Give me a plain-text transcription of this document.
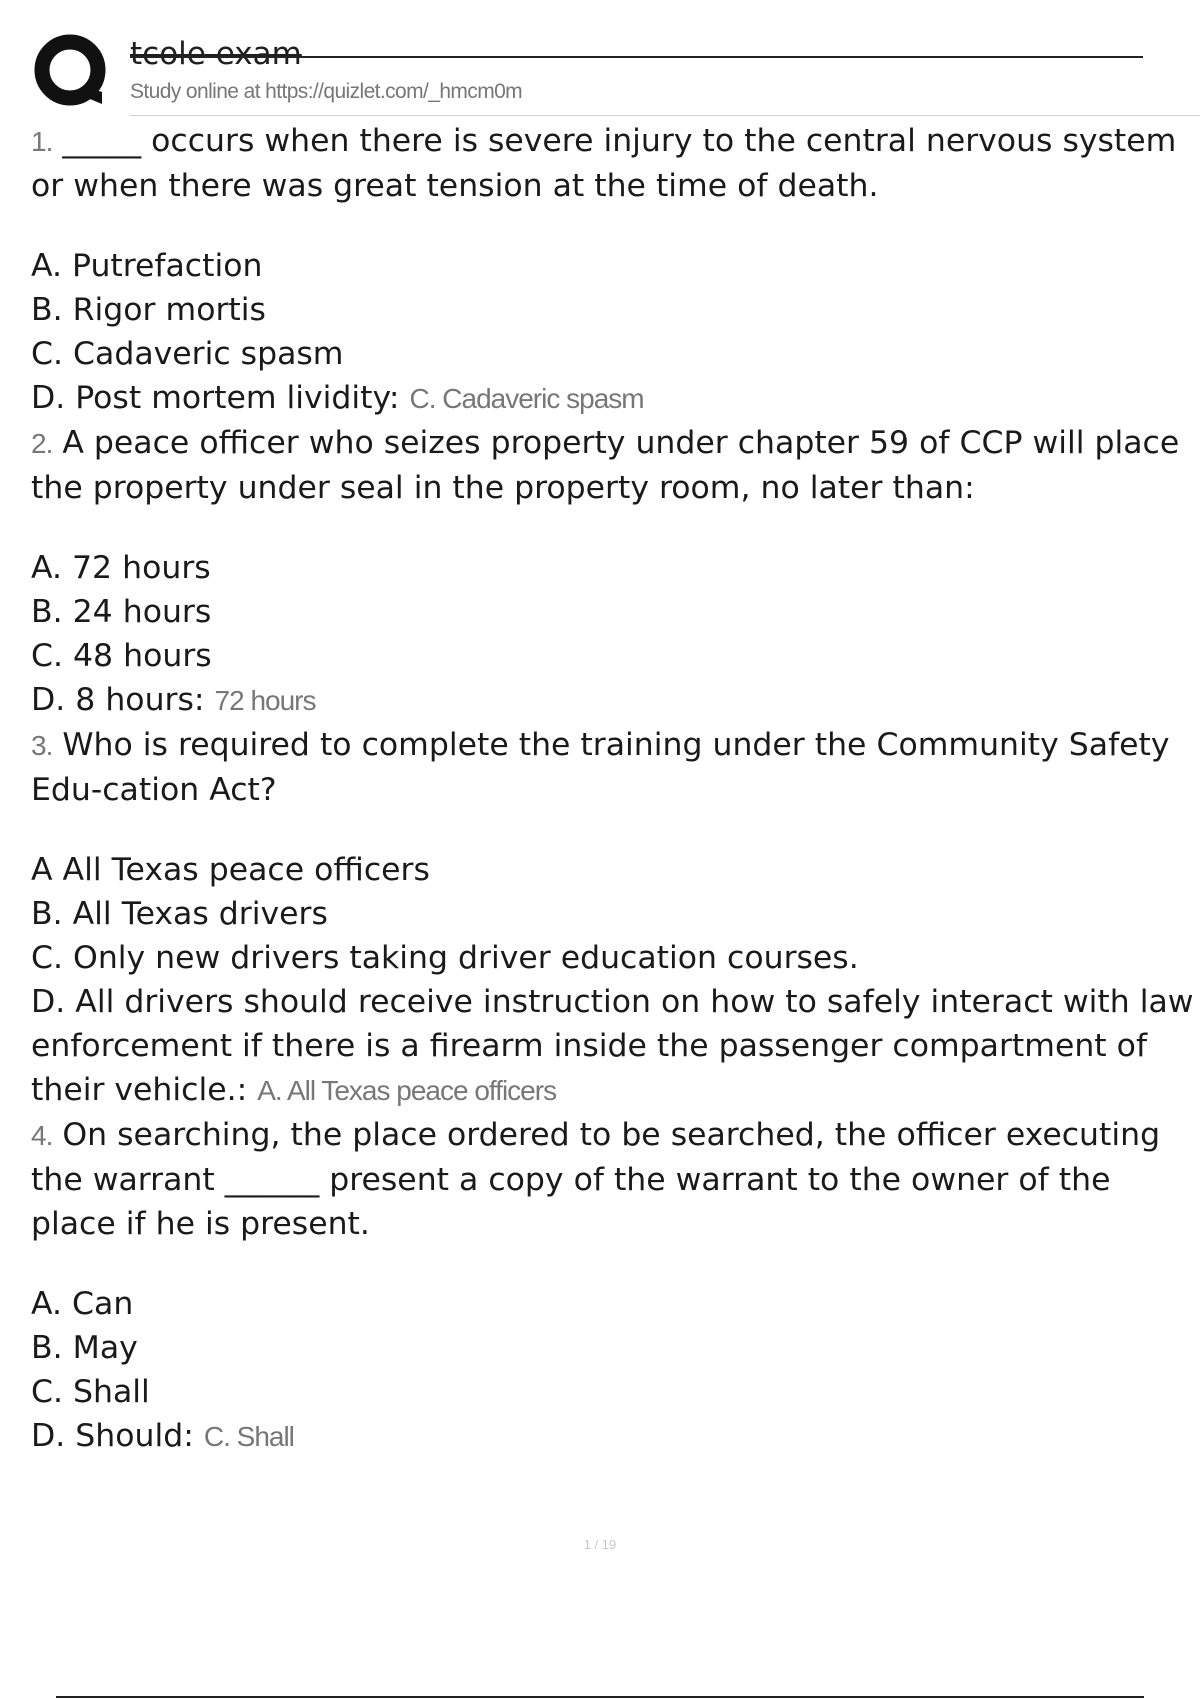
tcole exam
Study online at https://quizlet.com/_hmcm0m
1. _____ occurs when there is severe injury to the central nervous system or when there was great tension at the time of death.
A. Putrefaction
B. Rigor mortis
C. Cadaveric spasm
D. Post mortem lividity: C. Cadaveric spasm
2. A peace officer who seizes property under chapter 59 of CCP will place the property under seal in the property room, no later than:
A. 72 hours
B. 24 hours
C. 48 hours
D. 8 hours: 72 hours
3. Who is required to complete the training under the Community Safety Edu-cation Act?
A All Texas peace officers
B. All Texas drivers
C. Only new drivers taking driver education courses.
D. All drivers should receive instruction on how to safely interact with law enforcement if there is a firearm inside the passenger compartment of their vehicle.: A. All Texas peace officers
4. On searching, the place ordered to be searched, the officer executing the warrant ______ present a copy of the warrant to the owner of the place if he is present.
A. Can
B. May
C. Shall
D. Should: C. Shall
1 / 19
